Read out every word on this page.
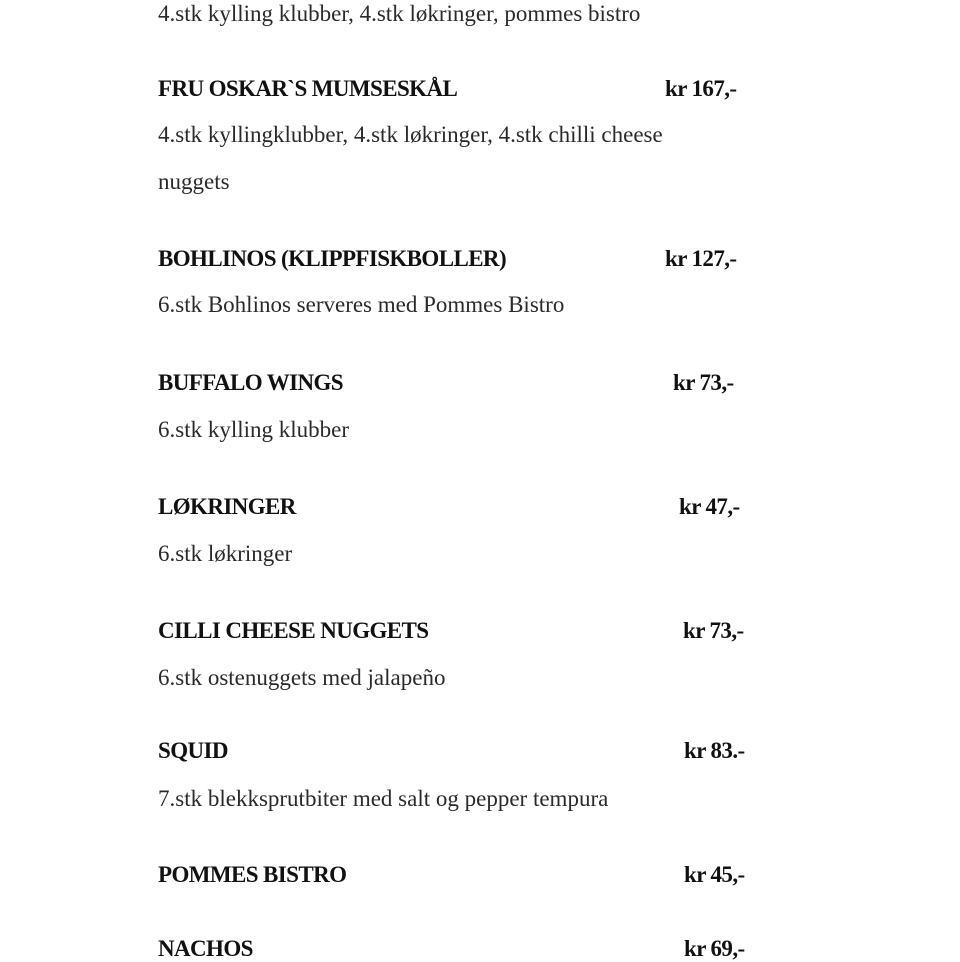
4.stk kylling klubber, 4.stk løkringer, pommes bistro
FRU OSKAR`S MUMSESKÅL	kr 167,-
4.stk kyllingklubber, 4.stk løkringer, 4.stk chilli cheese
nuggets
BOHLINOS (KLIPPFISKBOLLER)	kr 127,-
6.stk Bohlinos serveres med Pommes Bistro
BUFFALO WINGS	kr 73,-
6.stk kylling klubber
LØKRINGER	kr 47,-
6.stk løkringer
CILLI CHEESE NUGGETS	kr 73,-
6.stk ostenuggets med jalapeño
SQUID	kr 83.-
7.stk blekksprutbiter med salt og pepper tempura
POMMES BISTRO	kr 45,-
NACHOS	kr 69,-
